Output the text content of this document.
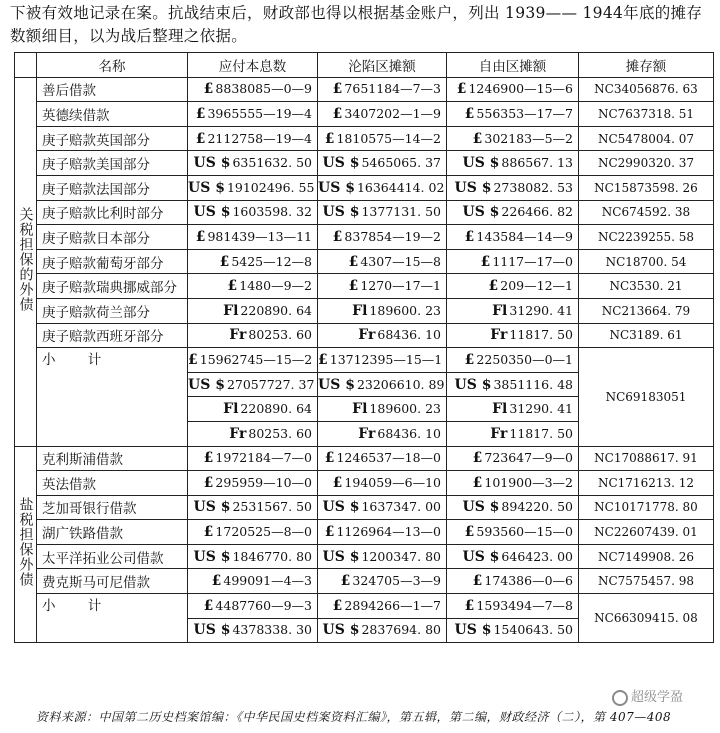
下被有效地记录在案。抗战结束后，财政部也得以根据基金账户，列出 1939—— 1944年底的摊存数额细目，以为战后整理之依据。
	名称	应付本息数	沦陷区摊额	自由区摊额	摊存额
关税担保的外债	善后借款	£ 8838085—0—9	£ 7651184—7—3	£ 1246900—15—6	NC34056876. 63
	英德续借款	£ 3965555—19—4	£ 3407202—1—9	£ 556353—17—7	NC7637318. 51
	庚子赔款英国部分	£ 2112758—19—4	£ 1810575—14—2	£ 302183—5—2	NC5478004. 07
	庚子赔款美国部分	US $ 6351632. 50	US $ 5465065. 37	US $ 886567. 13	NC2990320. 37
	庚子赔款法国部分	US $ 19102496. 55	US $ 16364414. 02	US $ 2738082. 53	NC15873598. 26
	庚子赔款比利时部分	US $ 1603598. 32	US $ 1377131. 50	US $ 226466. 82	NC674592. 38
	庚子赔款日本部分	£ 981439—13—11	£ 837854—19—2	£ 143584—14—9	NC2239255. 58
	庚子赔款葡萄牙部分	£ 5425—12—8	£ 4307—15—8	£ 1117—17—0	NC18700. 54
	庚子赔款瑞典挪威部分	£ 1480—9—2	£ 1270—17—1	£ 209—12—1	NC3530. 21
	庚子赔款荷兰部分	Fl 220890. 64	Fl 189600. 23	Fl 31290. 41	NC213664. 79
	庚子赔款西班牙部分	Fr 80253. 60	Fr 68436. 10	Fr 11817. 50	NC3189. 61
	小 计	£ 15962745—15—2	£ 13712395—15—1	£ 2250350—0—1	NC69183051
		US $ 27057727. 37	US $ 23206610. 89	US $ 3851116. 48	
		Fl 220890. 64	Fl 189600. 23	Fl 31290. 41	
		Fr 80253. 60	Fr 68436. 10	Fr 11817. 50	
盐税担保外债	克利斯浦借款	£ 1972184—7—0	£ 1246537—18—0	£ 723647—9—0	NC17088617. 91
	英法借款	£ 295959—10—0	£ 194059—6—10	£ 101900—3—2	NC1716213. 12
	芝加哥银行借款	US $ 2531567. 50	US $ 1637347. 00	US $ 894220. 50	NC10171778. 80
	湖广铁路借款	£ 1720525—8—0	£ 1126964—13—0	£ 593560—15—0	NC22607439. 01
	太平洋拓业公司借款	US $ 1846770. 80	US $ 1200347. 80	US $ 646423. 00	NC7149908. 26
	费克斯马可尼借款	£ 499091—4—3	£ 324705—3—9	£ 174386—0—6	NC7575457. 98
	小 计	£ 4487760—9—3	£ 2894266—1—7	£ 1593494—7—8	NC66309415. 08
		US $ 4378338. 30	US $ 2837694. 80	US $ 1540643. 50	
资料来源：中国第二历史档案馆编：《中华民国史档案资料汇编》，第五辑，第二编，财政经济（二），第 407—408
超级学盈
